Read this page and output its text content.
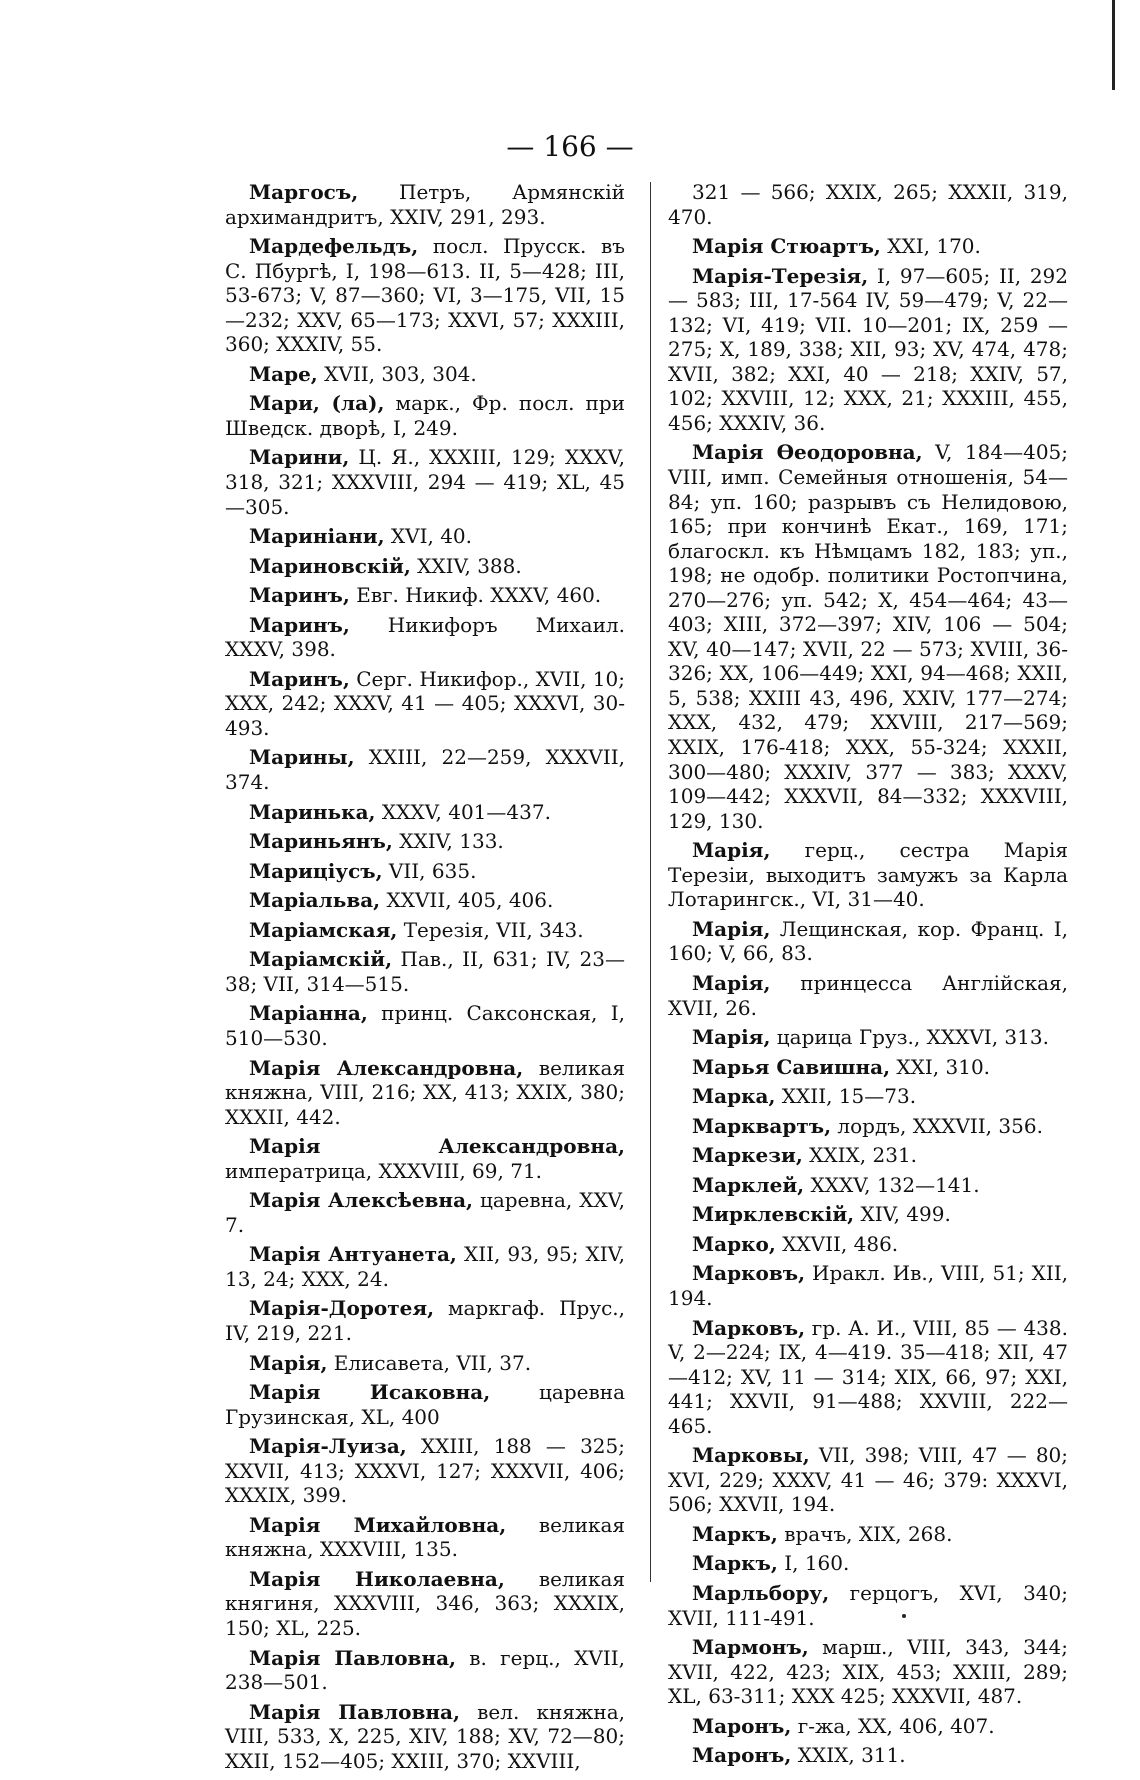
— 166 —

Маргосъ, Петръ, Армянскій архимандритъ, XXIV, 291, 293.

Мардефельдъ, посл. Прусск. въ С. Пбургѣ, I, 198—613. II, 5—428; III, 53-673; V, 87—360; VI, 3—175, VII, 15—232; XXV, 65—173; XXVI, 57; XXXIII, 360; XXXIV, 55.

Маре, XVII, 303, 304.

Мари, (ла), марк., Фр. посл. при Шведск. дворѣ, I, 249.

Марини, Ц. Я., XXXIII, 129; XXXV, 318, 321; XXXVIII, 294 — 419; XL, 45—305.

Маринiани, XVI, 40.

Мариновскій, XXIV, 388.

Маринъ, Евг. Никиф. XXXV, 460.

Маринъ, Никифоръ Михаил. XXXV, 398.

Маринъ, Серг. Никифор., XVII, 10; XXX, 242; XXXV, 41 — 405; XXXVI, 30-493.

Марины, XXIII, 22—259, XXXVII, 374.

Маринька, XXXV, 401—437.

Мариньянъ, XXIV, 133.

Марицiусъ, VII, 635.

Марiальва, XXVII, 405, 406.

Марiамская, Терезія, VII, 343.

Марiамскій, Пав., II, 631; IV, 23—38; VII, 314—515.

Марiанна, принц. Саксонская, I, 510—530.

Марія Александровна, великая княжна, VIII, 216; XX, 413; XXIX, 380; XXXII, 442.

Марія Александровна, императрица, XXXVIII, 69, 71.

Марія Алексѣевна, царевна, XXV, 7.

Марія Антуанета, XII, 93, 95; XIV, 13, 24; XXX, 24.

Марія-Доротея, маркгаф. Прус., IV, 219, 221.

Марія, Елисавета, VII, 37.

Марія Исаковна, царевна Грузинская, XL, 400

Марія-Луиза, XXIII, 188 — 325; XXVII, 413; XXXVI, 127; XXXVII, 406; XXXIX, 399.

Марія Михайловна, великая княжна, XXXVIII, 135.

Марія Николаевна, великая княгиня, XXXVIII, 346, 363; XXXIX, 150; XL, 225.

Марія Павловна, в. герц., XVII, 238—501.

Марія Павловна, вел. княжна, VIII, 533, X, 225, XIV, 188; XV, 72—80; XXII, 152—405; XXIII, 370; XXVIII,

321 — 566; XXIX, 265; XXXII, 319, 470.

Марія Стюартъ, XXI, 170.

Марія-Терезія, I, 97—605; II, 292 — 583; III, 17-564 IV, 59—479; V, 22—132; VI, 419; VII. 10—201; IX, 259 — 275; X, 189, 338; XII, 93; XV, 474, 478; XVII, 382; XXI, 40 — 218; XXIV, 57, 102; XXVIII, 12; XXX, 21; XXXIII, 455, 456; XXXIV, 36.

Марія Ѳеодоровна, V, 184—405; VIII, имп. Семейныя отношенія, 54—84; уп. 160; разрывъ съ Нелидовою, 165; при кончинѣ Екат., 169, 171; благоскл. къ Нѣмцамъ 182, 183; уп., 198; не одобр. политики Ростопчина, 270—276; уп. 542; X, 454—464; 43—403; XIII, 372—397; XIV, 106 — 504; XV, 40—147; XVII, 22 — 573; XVIII, 36-326; XX, 106—449; XXI, 94—468; XXII, 5, 538; XXIII 43, 496, XXIV, 177—274; XXX, 432, 479; XXVIII, 217—569; XXIX, 176-418; XXX, 55-324; XXXII, 300—480; XXXIV, 377 — 383; XXXV, 109—442; XXXVII, 84—332; XXXVIII, 129, 130.

Марія, герц., сестра Марія Терезіи, выходитъ замужъ за Карла Лотарингск., VI, 31—40.

Марія, Лещинская, кор. Франц. I, 160; V, 66, 83.

Марія, принцесса Англійская, XVII, 26.

Марія, царица Груз., XXXVI, 313.

Марья Савишна, XXI, 310.

Марка, XXII, 15—73.

Марквартъ, лордъ, XXXVII, 356.

Маркези, XXIX, 231.

Марклей, XXXV, 132—141.

Мирклевскій, XIV, 499.

Марко, XXVII, 486.

Марковъ, Иракл. Ив., VIII, 51; XII, 194.

Марковъ, гр. А. И., VIII, 85 — 438. V, 2—224; IX, 4—419. 35—418; XII, 47—412; XV, 11 — 314; XIX, 66, 97; XXI, 441; XXVII, 91—488; XXVIII, 222—465.

Марковы, VII, 398; VIII, 47 — 80; XVI, 229; XXXV, 41 — 46; 379: XXXVI, 506; XXVII, 194.

Маркъ, врачъ, XIX, 268.

Маркъ, I, 160.

Марльбору, герцогъ, XVI, 340; XVII, 111-491.

Мармонъ, марш., VIII, 343, 344; XVII, 422, 423; XIX, 453; XXIII, 289; XL, 63-311; XXX 425; XXXVII, 487.

Маронъ, г-жа, XX, 406, 407.

Маронъ, XXIX, 311.
